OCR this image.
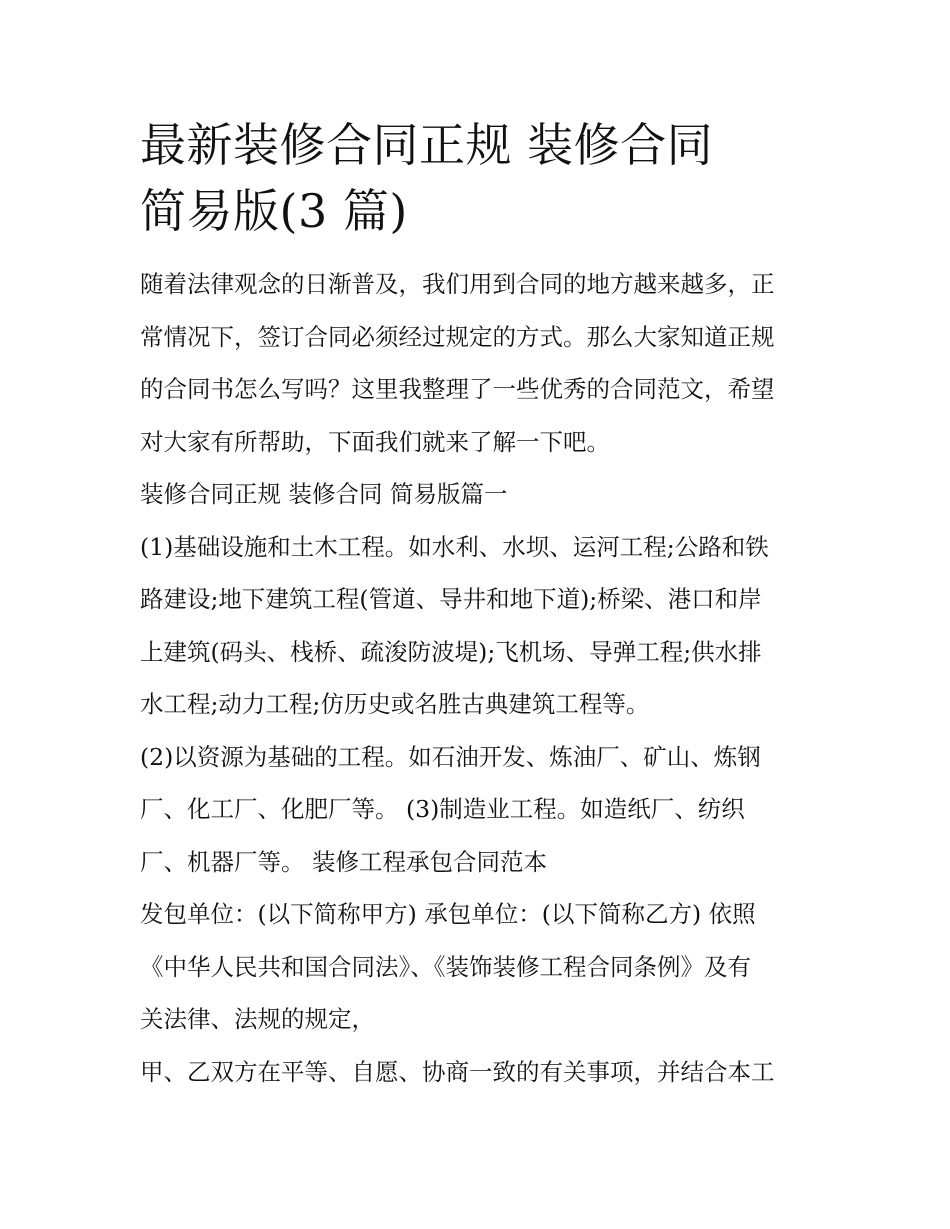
最新装修合同正规 装修合同
简易版(3 篇)
随着法律观念的日渐普及，我们用到合同的地方越来越多，正
常情况下，签订合同必须经过规定的方式。那么大家知道正规
的合同书怎么写吗？这里我整理了一些优秀的合同范文，希望
对大家有所帮助，下面我们就来了解一下吧。
装修合同正规 装修合同 简易版篇一
(1)基础设施和土木工程。如水利、水坝、运河工程;公路和铁
路建设;地下建筑工程(管道、导井和地下道);桥梁、港口和岸
上建筑(码头、栈桥、疏浚防波堤);飞机场、导弹工程;供水排
水工程;动力工程;仿历史或名胜古典建筑工程等。
(2)以资源为基础的工程。如石油开发、炼油厂、矿山、炼钢
厂、化工厂、化肥厂等。 (3)制造业工程。如造纸厂、纺织
厂、机器厂等。 装修工程承包合同范本
发包单位：(以下简称甲方) 承包单位：(以下简称乙方) 依照
《中华人民共和国合同法》、《装饰装修工程合同条例》及有
关法律、法规的规定，
甲、乙双方在平等、自愿、协商一致的有关事项，并结合本工
